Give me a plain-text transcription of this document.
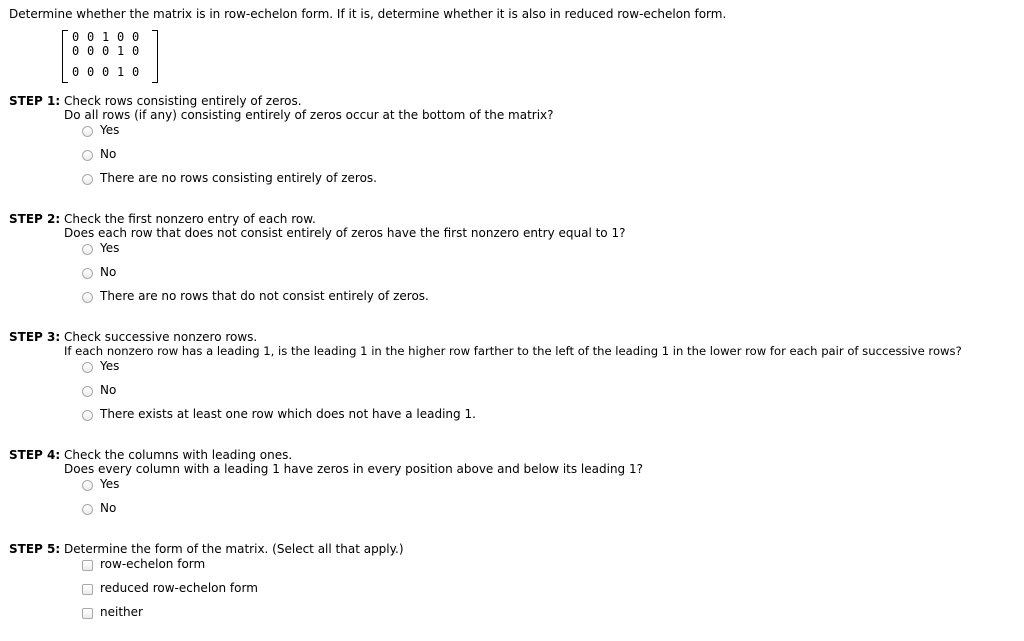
Determine whether the matrix is in row-echelon form. If it is, determine whether it is also in reduced row-echelon form.
0 0 1 0 0
0 0 0 1 0
0 0 0 1 0
STEP 1: Check rows consisting entirely of zeros.
Do all rows (if any) consisting entirely of zeros occur at the bottom of the matrix?
Yes
No
There are no rows consisting entirely of zeros.
STEP 2: Check the first nonzero entry of each row.
Does each row that does not consist entirely of zeros have the first nonzero entry equal to 1?
Yes
No
There are no rows that do not consist entirely of zeros.
STEP 3: Check successive nonzero rows.
If each nonzero row has a leading 1, is the leading 1 in the higher row farther to the left of the leading 1 in the lower row for each pair of successive rows?
Yes
No
There exists at least one row which does not have a leading 1.
STEP 4: Check the columns with leading ones.
Does every column with a leading 1 have zeros in every position above and below its leading 1?
Yes
No
STEP 5: Determine the form of the matrix. (Select all that apply.)
row-echelon form
reduced row-echelon form
neither
